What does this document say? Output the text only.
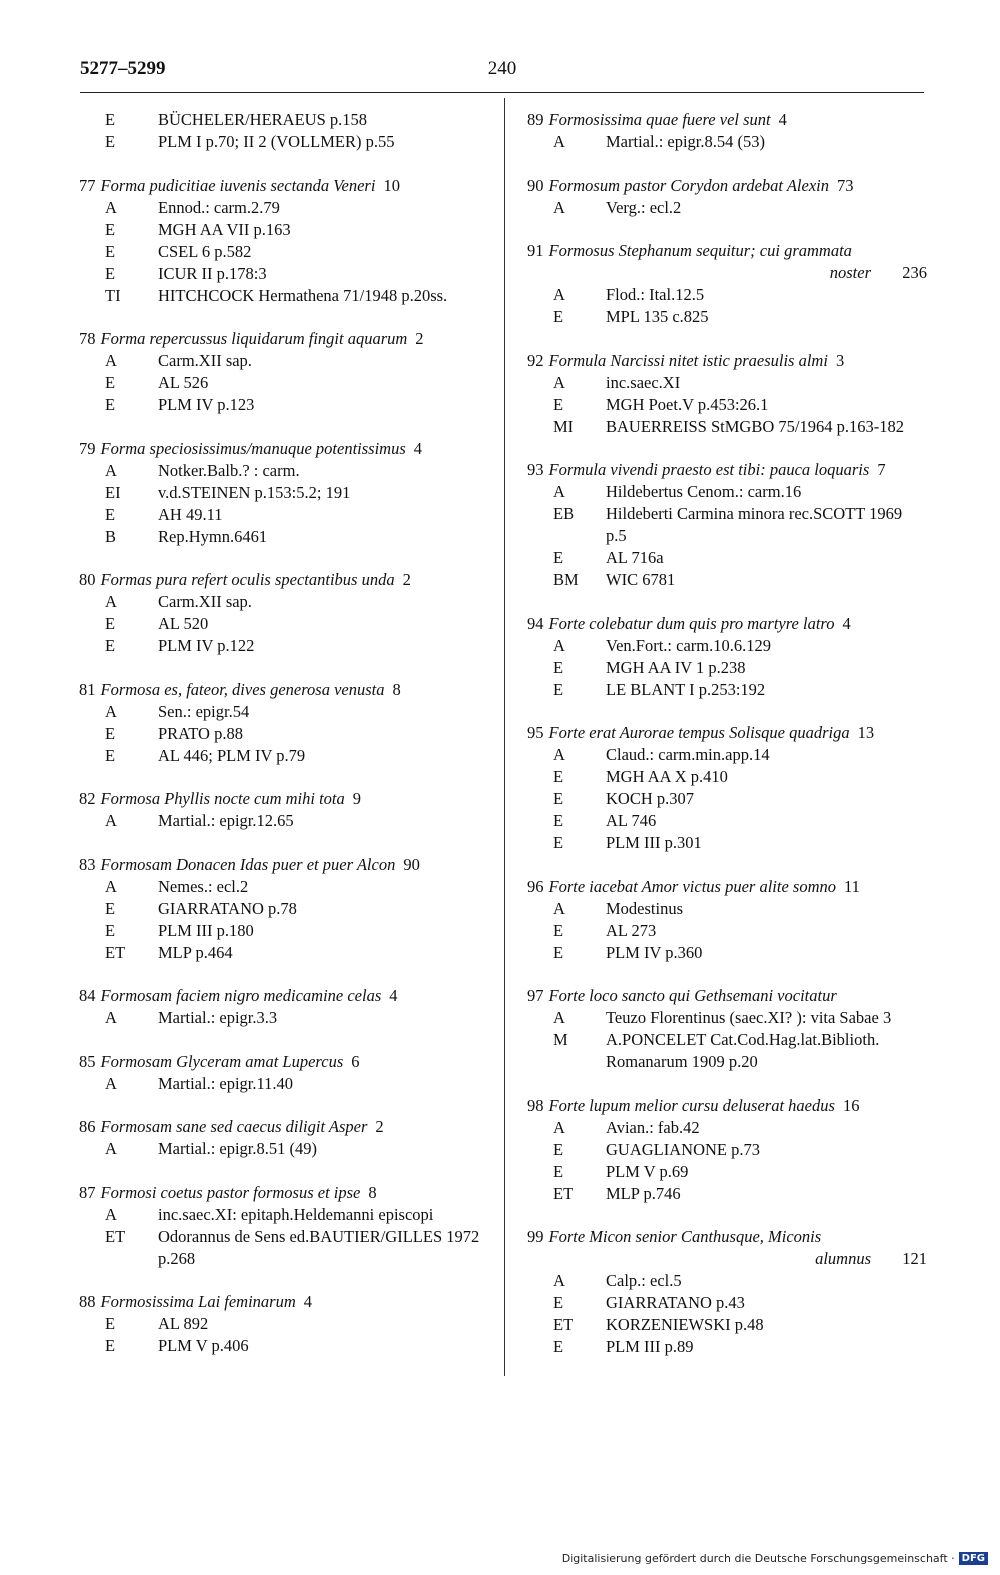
5277–5299	240
E	BÜCHELER/HERAEUS p.158
E	PLM I p.70; II 2 (VOLLMER) p.55
77 Forma pudicitiae iuvenis sectanda Veneri 10
A	Ennod.: carm.2.79
E	MGH AA VII p.163
E	CSEL 6 p.582
E	ICUR II p.178:3
TI	HITCHCOCK Hermathena 71/1948 p.20ss.
78 Forma repercussus liquidarum fingit aquarum 2
A	Carm.XII sap.
E	AL 526
E	PLM IV p.123
79 Forma speciosissimus/manuque potentissimus 4
A	Notker.Balb.? : carm.
EI	v.d.STEINEN p.153:5.2; 191
E	AH 49.11
B	Rep.Hymn.6461
80 Formas pura refert oculis spectantibus unda 2
A	Carm.XII sap.
E	AL 520
E	PLM IV p.122
81 Formosa es, fateor, dives generosa venusta 8
A	Sen.: epigr.54
E	PRATO p.88
E	AL 446; PLM IV p.79
82 Formosa Phyllis nocte cum mihi tota 9
A	Martial.: epigr.12.65
83 Formosam Donacen Idas puer et puer Alcon 90
A	Nemes.: ecl.2
E	GIARRATANO p.78
E	PLM III p.180
ET	MLP p.464
84 Formosam faciem nigro medicamine celas 4
A	Martial.: epigr.3.3
85 Formosam Glyceram amat Lupercus 6
A	Martial.: epigr.11.40
86 Formosam sane sed caecus diligit Asper 2
A	Martial.: epigr.8.51 (49)
87 Formosi coetus pastor formosus et ipse 8
A	inc.saec.XI: epitaph.Heldemanni episcopi
ET	Odorannus de Sens ed.BAUTIER/GILLES 1972 p.268
88 Formosissima Lai feminarum 4
E	AL 892
E	PLM V p.406
89 Formosissima quae fuere vel sunt 4
A	Martial.: epigr.8.54 (53)
90 Formosum pastor Corydon ardebat Alexin 73
A	Verg.: ecl.2
91 Formosus Stephanum sequitur; cui grammata
noster 236
A	Flod.: Ital.12.5
E	MPL 135 c.825
92 Formula Narcissi nitet istic praesulis almi 3
A	inc.saec.XI
E	MGH Poet.V p.453:26.1
MI	BAUERREISS StMGBO 75/1964 p.163-182
93 Formula vivendi praesto est tibi: pauca loquaris 7
A	Hildebertus Cenom.: carm.16
EB	Hildeberti Carmina minora rec.SCOTT 1969 p.5
E	AL 716a
BM	WIC 6781
94 Forte colebatur dum quis pro martyre latro 4
A	Ven.Fort.: carm.10.6.129
E	MGH AA IV 1 p.238
E	LE BLANT I p.253:192
95 Forte erat Aurorae tempus Solisque quadriga 13
A	Claud.: carm.min.app.14
E	MGH AA X p.410
E	KOCH p.307
E	AL 746
E	PLM III p.301
96 Forte iacebat Amor victus puer alite somno 11
A	Modestinus
E	AL 273
E	PLM IV p.360
97 Forte loco sancto qui Gethsemani vocitatur
A	Teuzo Florentinus (saec.XI? ): vita Sabae 3
M	A.PONCELET Cat.Cod.Hag.lat.Biblioth. Romanarum 1909 p.20
98 Forte lupum melior cursu deluserat haedus 16
A	Avian.: fab.42
E	GUAGLIANONE p.73
E	PLM V p.69
ET	MLP p.746
99 Forte Micon senior Canthusque, Miconis
alumnus 121
A	Calp.: ecl.5
E	GIARRATANO p.43
ET	KORZENIEWSKI p.48
E	PLM III p.89
Digitalisierung gefördert durch die Deutsche Forschungsgemeinschaft · DFG
